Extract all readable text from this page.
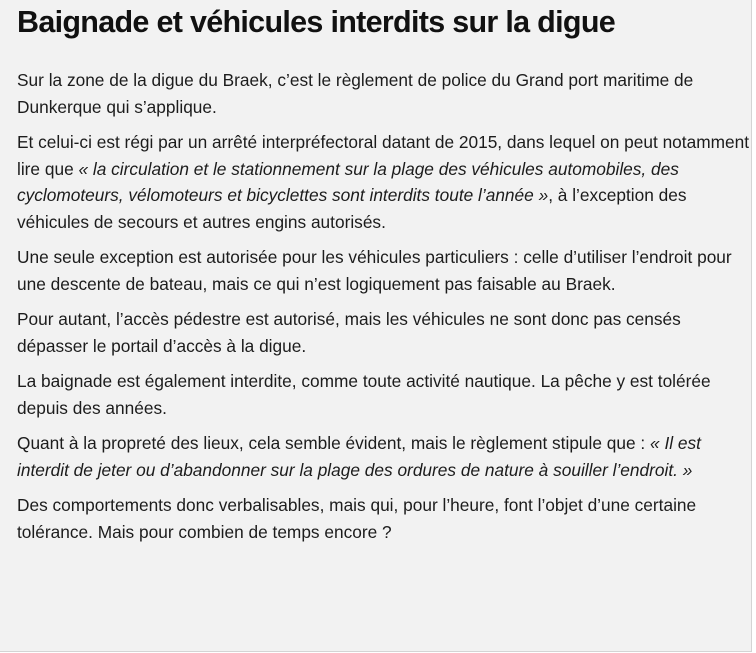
Baignade et véhicules interdits sur la digue

Sur la zone de la digue du Braek, c’est le règlement de police du Grand port maritime de Dunkerque qui s’applique.

Et celui-ci est régi par un arrêté interpréfectoral datant de 2015, dans lequel on peut notamment lire que « la circulation et le stationnement sur la plage des véhicules automobiles, des cyclomoteurs, vélomoteurs et bicyclettes sont interdits toute l’année », à l’exception des véhicules de secours et autres engins autorisés.

Une seule exception est autorisée pour les véhicules particuliers : celle d’utiliser l’endroit pour une descente de bateau, mais ce qui n’est logiquement pas faisable au Braek.

Pour autant, l’accès pédestre est autorisé, mais les véhicules ne sont donc pas censés dépasser le portail d’accès à la digue.

La baignade est également interdite, comme toute activité nautique. La pêche y est tolérée depuis des années.

Quant à la propreté des lieux, cela semble évident, mais le règlement stipule que : « Il est interdit de jeter ou d’abandonner sur la plage des ordures de nature à souiller l’endroit. »

Des comportements donc verbalisables, mais qui, pour l’heure, font l’objet d’une certaine tolérance. Mais pour combien de temps encore ?
